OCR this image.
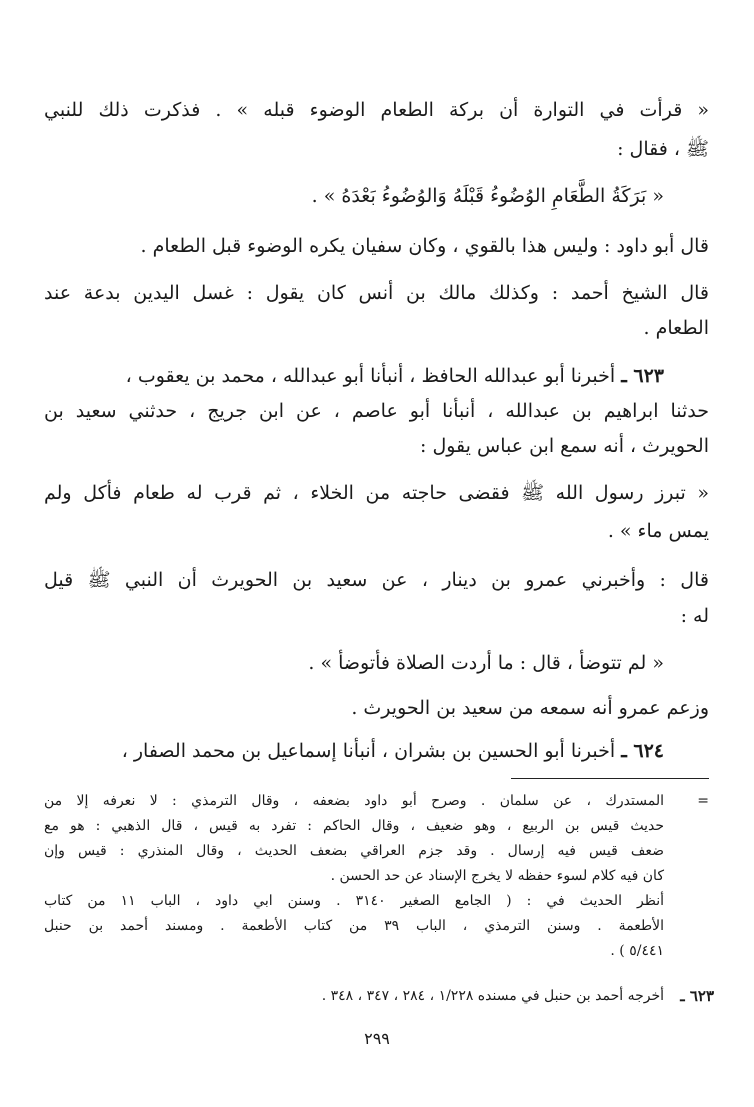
« قرأت في التوارة أن بركة الطعام الوضوء قبله » . فذكرت ذلك للنبي
ﷺ ، فقال :
« بَرَكَةُ الطَّعَامِ الوُضُوءُ قَبْلَهُ وَالوُضُوءُ بَعْدَهُ » .
قال أبو داود : وليس هذا بالقوي ، وكان سفيان يكره الوضوء قبل الطعام .
قال الشيخ أحمد : وكذلك مالك بن أنس كان يقول : غسل اليدين بدعة عند
الطعام .
٦٢٣ ـ أخبرنا أبو عبدالله الحافظ ، أنبأنا أبو عبدالله ، محمد بن يعقوب ،
حدثنا ابراهيم بن عبدالله ، أنبأنا أبو عاصم ، عن ابن جريج ، حدثني سعيد بن
الحويرث ، أنه سمع ابن عباس يقول :
« تبرز رسول الله ﷺ فقضى حاجته من الخلاء ، ثم قرب له طعام فأكل ولم
يمس ماء » .
قال : وأخبرني عمرو بن دينار ، عن سعيد بن الحويرث أن النبي ﷺ قيل
له :
« لم تتوضأ ، قال : ما أردت الصلاة فأتوضأ » .
وزعم عمرو أنه سمعه من سعيد بن الحويرث .
٦٢٤ ـ أخبرنا أبو الحسين بن بشران ، أنبأنا إسماعيل بن محمد الصفار ،
=
المستدرك ، عن سلمان . وصرح أبو داود بضعفه ، وقال الترمذي : لا نعرفه إلا من
حديث قيس بن الربيع ، وهو ضعيف ، وقال الحاكم : تفرد به قيس ، قال الذهبي : هو مع
ضعف قيس فيه إرسال . وقد جزم العراقي بضعف الحديث ، وقال المنذري : قيس وإن
كان فيه كلام لسوء حفظه لا يخرج الإسناد عن حد الحسن .
أنظر الحديث في : ( الجامع الصغير ٣١٤٠ . وسنن ابي داود ، الباب ١١ من كتاب
الأطعمة . وسنن الترمذي ، الباب ٣٩ من كتاب الأطعمة . ومسند أحمد بن حنبل
٥/٤٤١ ) .
٦٢٣ ـ
أخرجه أحمد بن حنبل في مسنده ١/٢٢٨ ، ٢٨٤ ، ٣٤٧ ، ٣٤٨ .
٢٩٩
